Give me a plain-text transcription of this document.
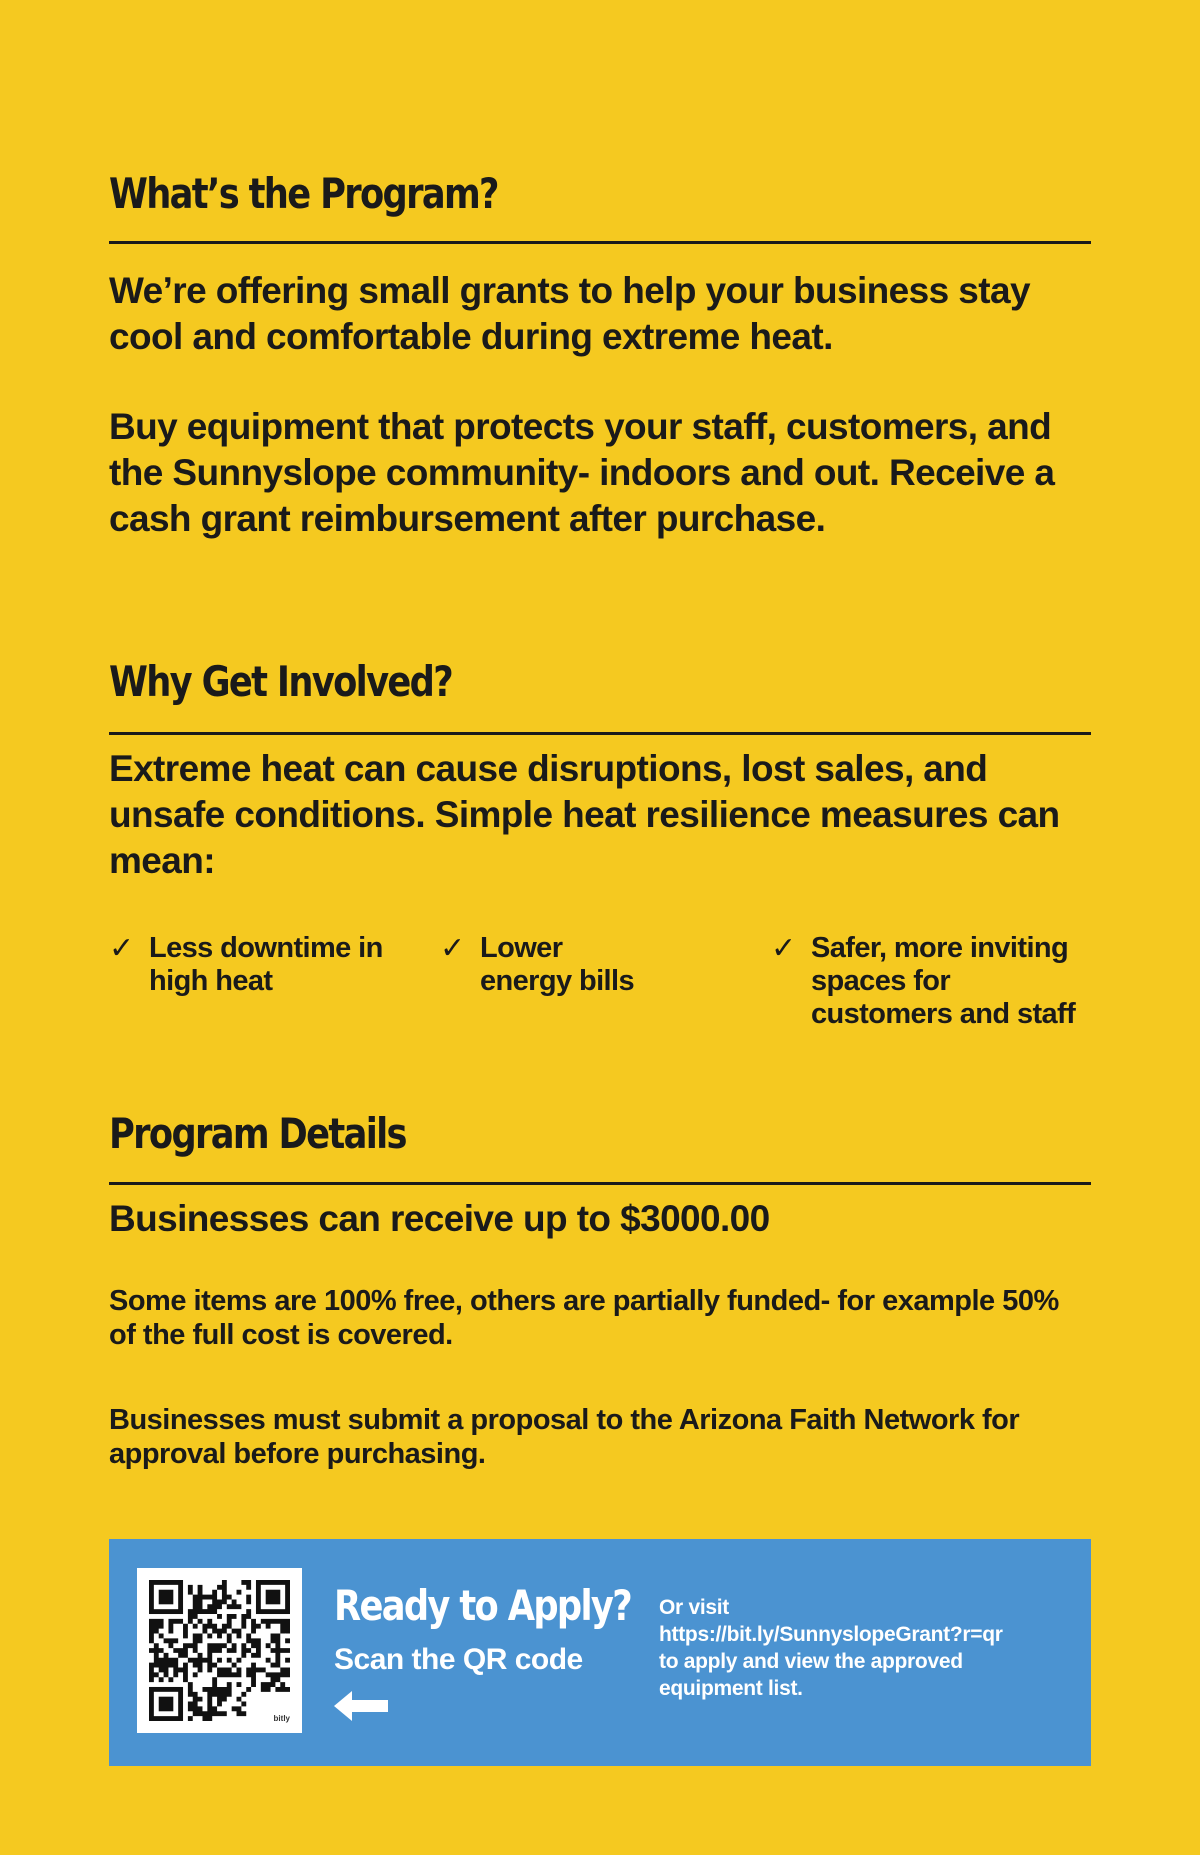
What’s the Program?

We’re offering small grants to help your business stay cool and comfortable during extreme heat.

Buy equipment that protects your staff, customers, and the Sunnyslope community- indoors and out. Receive a cash grant reimbursement after purchase.

Why Get Involved?

Extreme heat can cause disruptions, lost sales, and unsafe conditions. Simple heat resilience measures can mean:

✓ Less downtime in high heat
✓ Lower energy bills
✓ Safer, more inviting spaces for customers and staff
Program Details

Businesses can receive up to $3000.00

Some items are 100% free, others are partially funded- for example 50% of the full cost is covered.

Businesses must submit a proposal to the Arizona Faith Network for approval before purchasing.

bitly
Ready to Apply?
Scan the QR code
Or visit
https://bit.ly/SunnyslopeGrant?r=qr
to apply and view the approved
equipment list.
